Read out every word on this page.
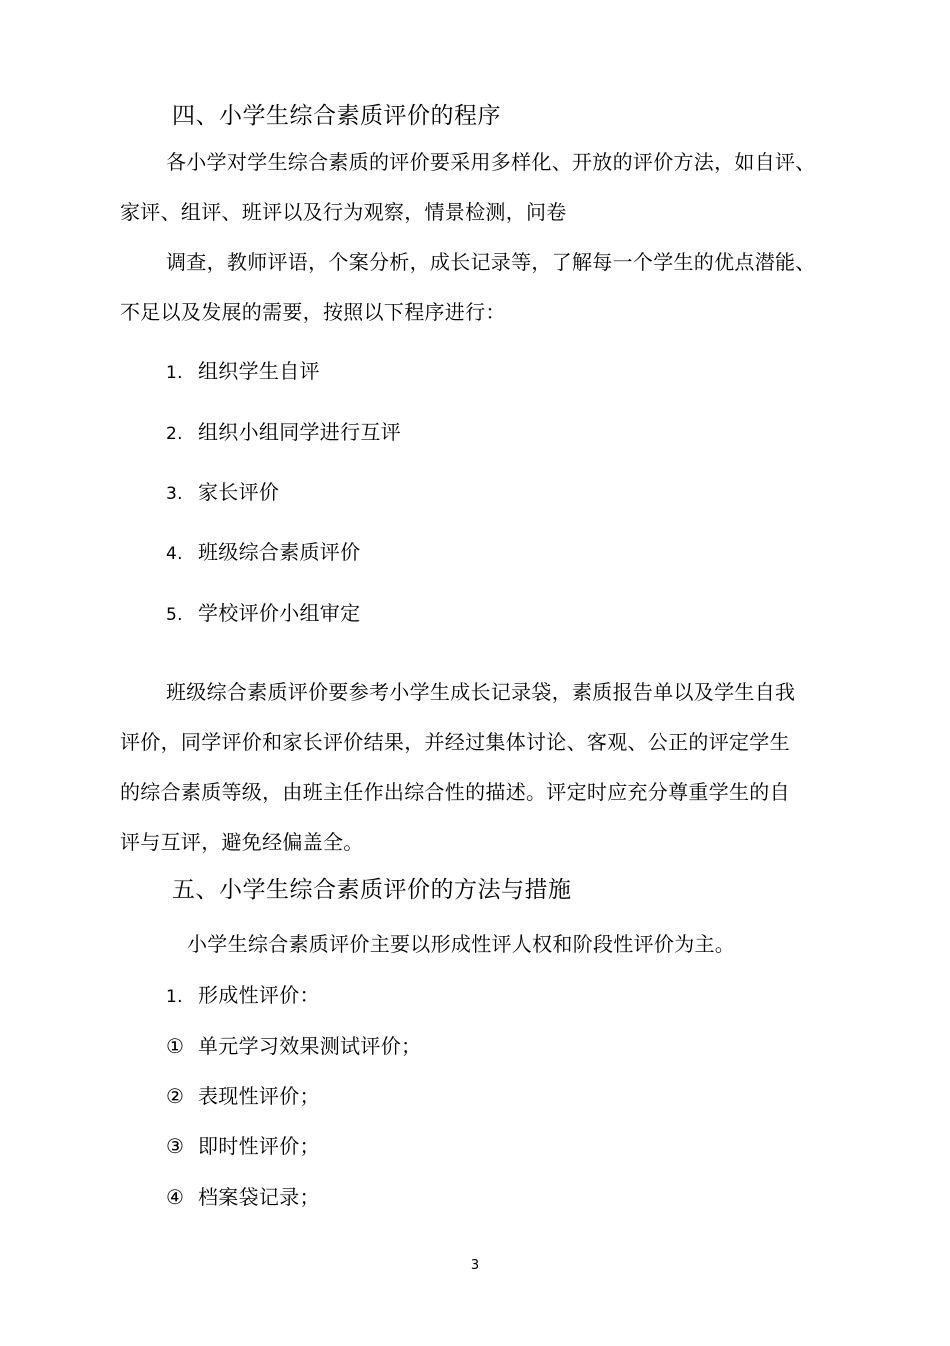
四、小学生综合素质评价的程序
各小学对学生综合素质的评价要采用多样化、开放的评价方法，如自评、
家评、组评、班评以及行为观察，情景检测，问卷
调查，教师评语，个案分析，成长记录等，了解每一个学生的优点潜能、
不足以及发展的需要，按照以下程序进行：
1. 组织学生自评
2. 组织小组同学进行互评
3. 家长评价
4. 班级综合素质评价
5. 学校评价小组审定
班级综合素质评价要参考小学生成长记录袋，素质报告单以及学生自我
评价，同学评价和家长评价结果，并经过集体讨论、客观、公正的评定学生
的综合素质等级，由班主任作出综合性的描述。评定时应充分尊重学生的自
评与互评，避免经偏盖全。
五、小学生综合素质评价的方法与措施
小学生综合素质评价主要以形成性评人权和阶段性评价为主。
1. 形成性评价：
① 单元学习效果测试评价；
② 表现性评价；
③ 即时性评价；
④ 档案袋记录；
3
